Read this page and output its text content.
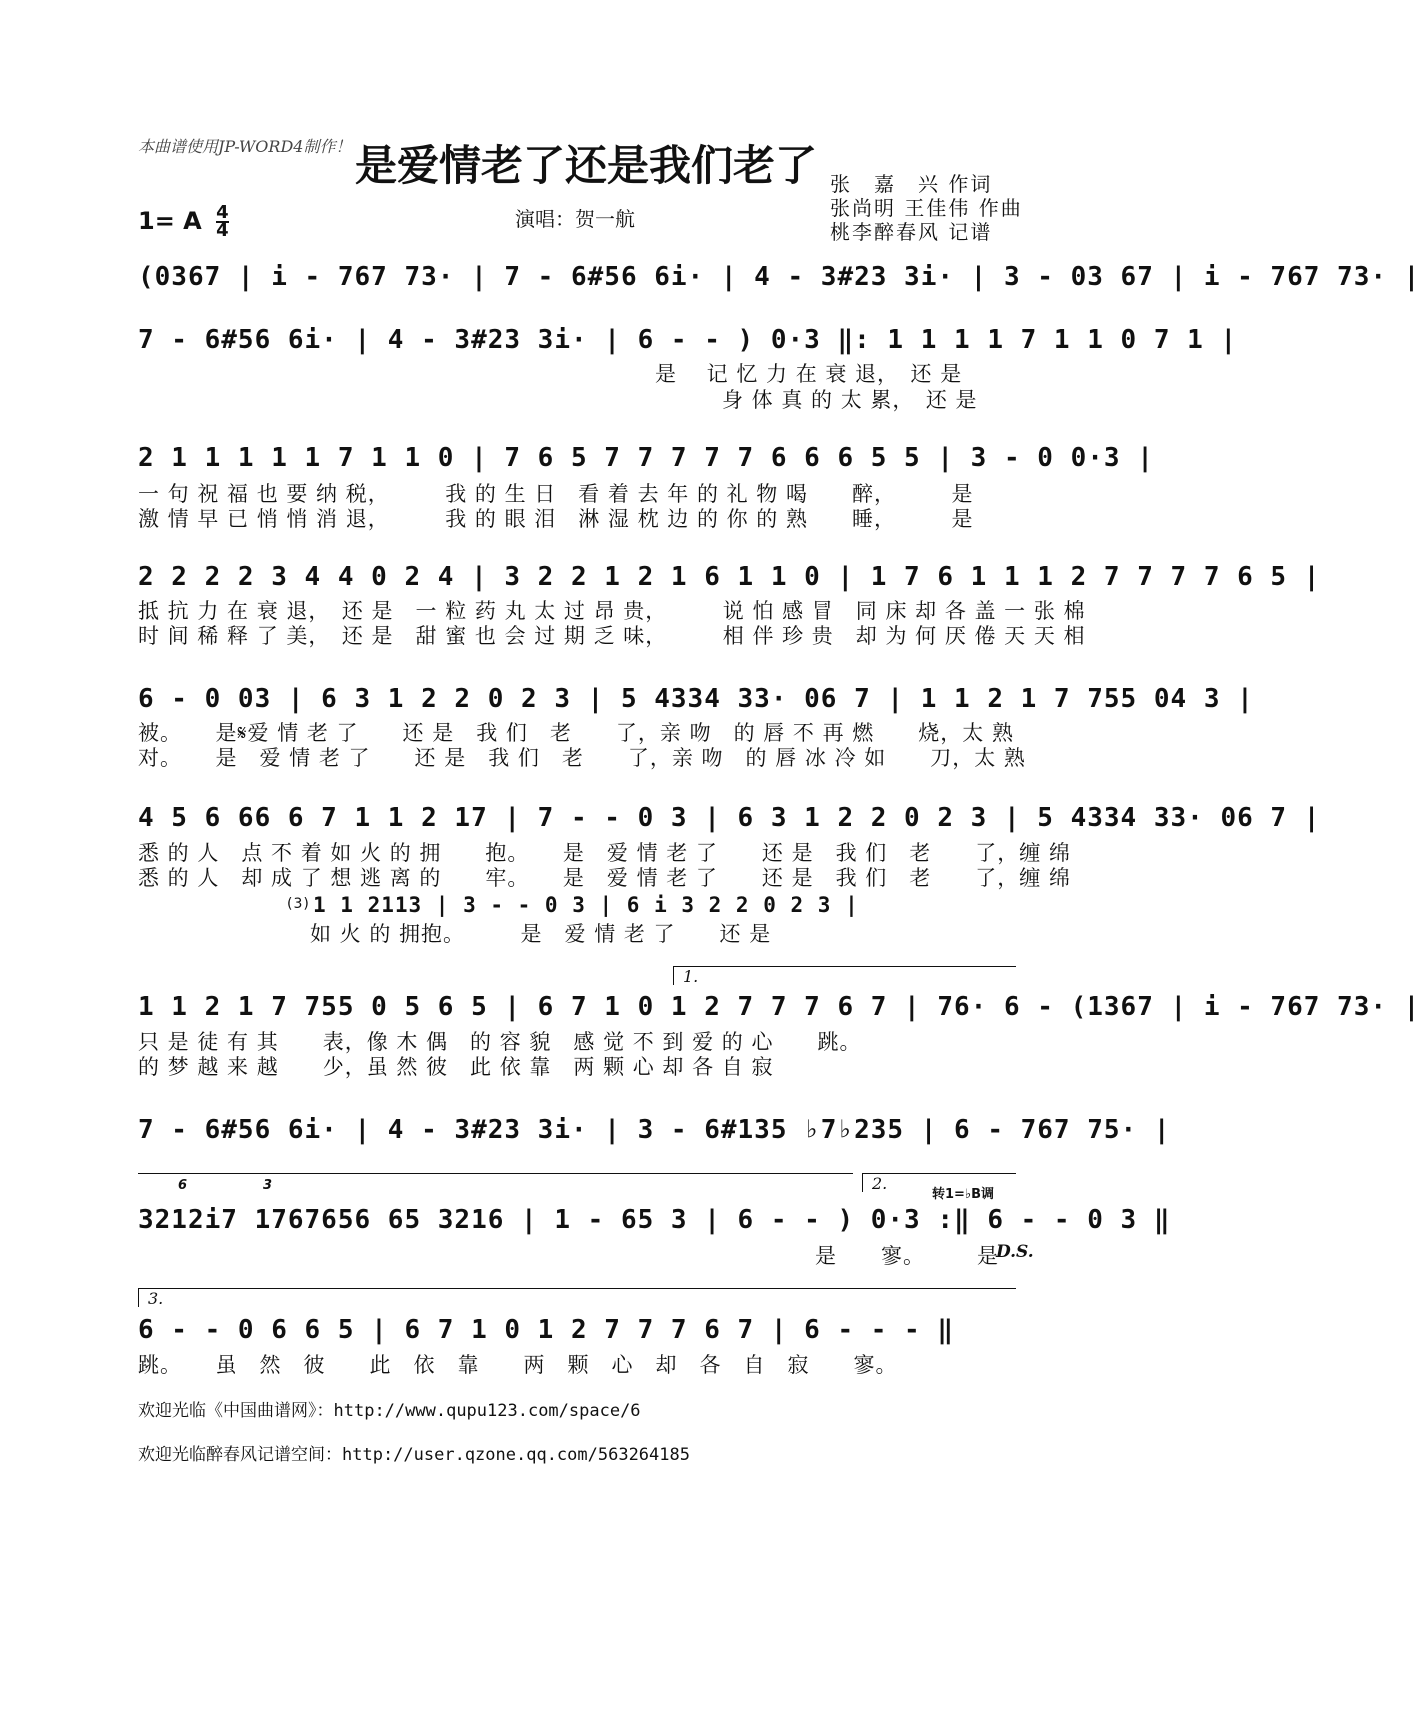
本曲谱使用JP-WORD4制作！ 是爱情老了还是我们老了 张　嘉　兴 作词
张尚明 王佳伟 作曲
桃李醉春风 记谱
1= A $\frac{4}{4}$	演唱：贺一航
(0367 | i - 767 73· | 7 - 6#56 6i· | 4 - 3#23 3i· | 3 - 03 67 | i - 767 73· |
7 - 6#56 6i· | 4 - 3#23 3i· | 6 - - ) 0·3 ‖: 1 1 1 1 7 1 1 0 7 1 |
是 　记 忆 力 在 衰 退，　还 是
身 体 真 的 太 累，　还 是
2 1 1 1 1 1 7 1 1 0 | 7 6 5 7 7 7 7 7 6 6 6 5 5 | 3 - 0 0·3 |
一 句 祝 福 也 要 纳 税，　　　我 的 生 日　看 着 去 年 的 礼 物 喝　　醉，　　　是
激 情 早 已 悄 悄 消 退，　　　我 的 眼 泪　淋 湿 枕 边 的 你 的 熟　　睡，　　　是
2 2 2 2 3 4 4 0 2 4 | 3 2 2 1 2 1 6 1 1 0 | 1 7 6 1 1 1 2 7 7 7 7 6 5 |
抵 抗 力 在 衰 退，　还 是　一 粒 药 丸 太 过 昂 贵，　　　说 怕 感 冒　同 床 却 各 盖 一 张 棉
时 间 稀 释 了 美，　还 是　甜 蜜 也 会 过 期 乏 味，　　　相 伴 珍 贵　却 为 何 厌 倦 天 天 相
6 - 0 03 | 6 3 1 2 2 0 2 3 | 5 4334 33· 06 7 | 1 1 2 1 7 755 04 3 |
被。　　是𝄋爱 情 老 了　　还 是　我 们　老　　了，亲 吻　的 唇 不 再 燃　　烧，太 熟
对。　　是　爱 情 老 了　　还 是　我 们　老　　了，亲 吻　的 唇 冰 冷 如　　刀，太 熟
4 5 6 66 6 7 1 1 2 17 | 7 - - 0 3 | 6 3 1 2 2 0 2 3 | 5 4334 33· 06 7 |
悉 的 人　点 不 着 如 火 的 拥　　抱。　　是　爱 情 老 了　　还 是　我 们　老　　了，缠 绵
悉 的 人　却 成 了 想 逃 离 的　　牢。　　是　爱 情 老 了　　还 是　我 们　老　　了，缠 绵
(3) 1 1 2113 | 3 - - 0 3 | 6 i 3 2 2 0 2 3 |
如 火 的 拥抱。　　　是　爱 情 老 了　　还 是
1.
1 1 2 1 7 755 0 5 6 5 | 6 7 1 0 1 2 7 7 7 6 7 | 76· 6 - (1367 | i - 767 73· |
只 是 徒 有 其　　表，像 木 偶　的 容 貌　感 觉 不 到 爱 的 心　　跳。
的 梦 越 来 越　　少，虽 然 彼　此 依 靠　两 颗 心 却 各 自 寂
7 - 6#56 6i· | 4 - 3#23 3i· | 3 - 6#135 ♭7♭235 | 6 - 767 75· |
6	3	2.
转1=♭B调
3212i7 1767656 65 3216 | 1 - 65 3 | 6 - - ) 0·3 :‖ 6 - - 0 3 ‖
是　　寥。 是
D.S.
3.
6 - - 0 6 6 5 | 6 7 1 0 1 2 7 7 7 6 7 | 6 - - - ‖
跳。　　虽　然　彼　　此　依　靠　　两　颗　心　却　各　自　寂　　寥。
欢迎光临《中国曲谱网》：http://www.qupu123.com/space/6
欢迎光临醉春风记谱空间：http://user.qzone.qq.com/563264185
